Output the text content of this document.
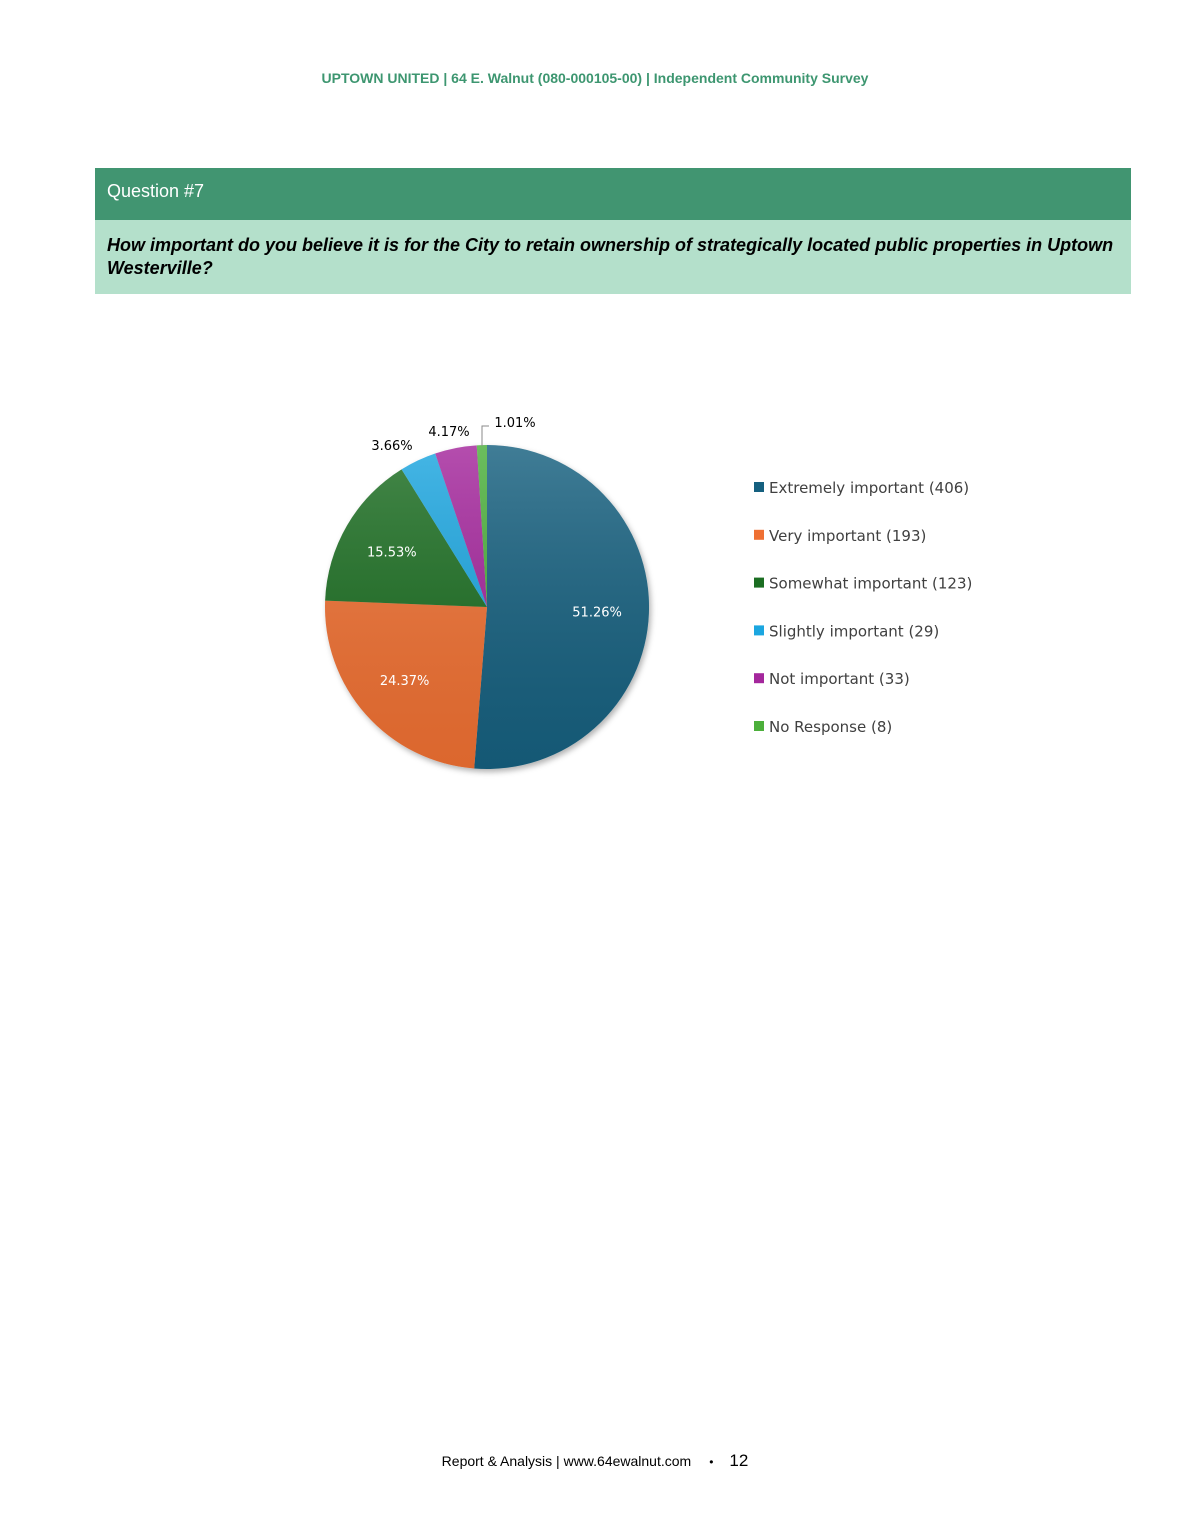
UPTOWN UNITED | 64 E. Walnut (080-000105-00) | Independent Community Survey
Question #7
How important do you believe it is for the City to retain ownership of strategically located public properties in Uptown Westerville?
51.26%
24.37%
15.53%
3.66%
4.17%
1.01%
Extremely important (406)
Very important (193)
Somewhat important (123)
Slightly important (29)
Not important (33)
No Response (8)
Report & Analysis | www.64ewalnut.com • 12
